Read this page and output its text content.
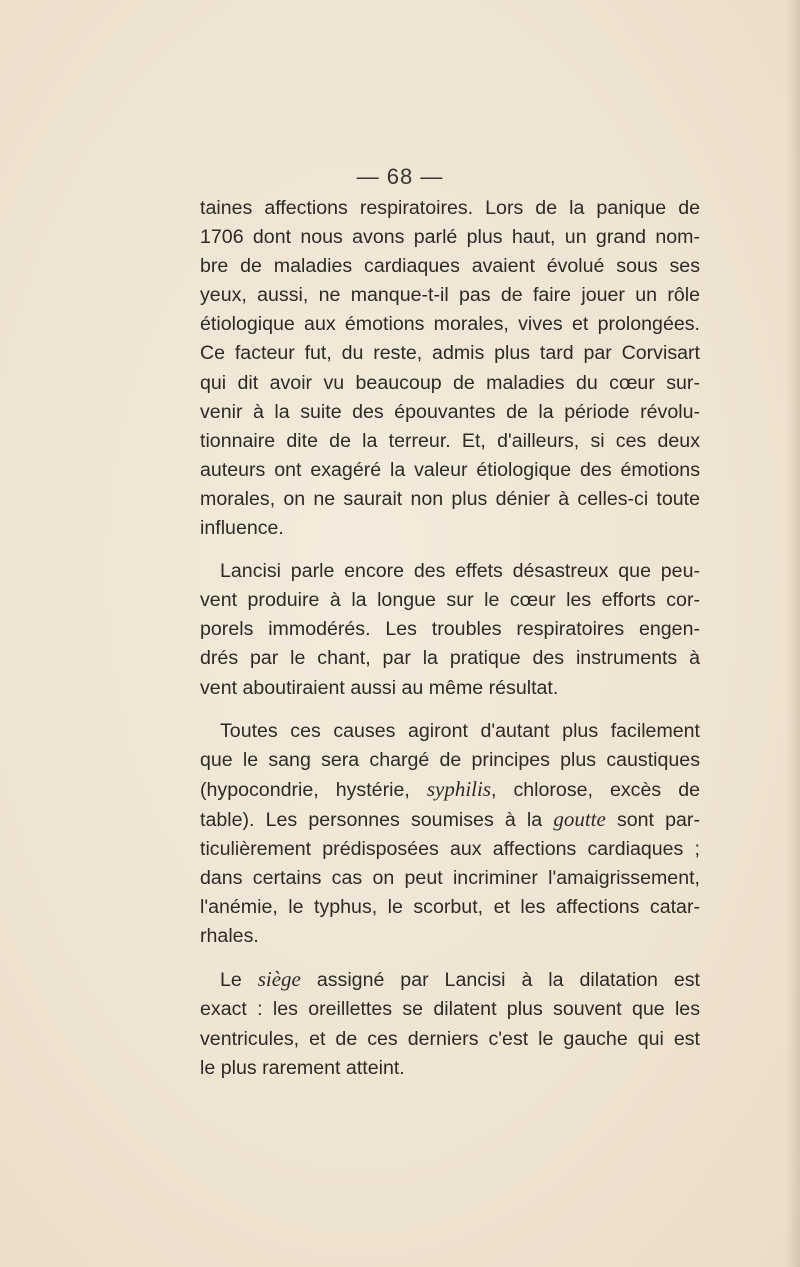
— 68 —

taines affections respiratoires. Lors de la panique de
1706 dont nous avons parlé plus haut, un grand nom-
bre de maladies cardiaques avaient évolué sous ses
yeux, aussi, ne manque-t-il pas de faire jouer un rôle
étiologique aux émotions morales, vives et prolongées.
Ce facteur fut, du reste, admis plus tard par Corvisart
qui dit avoir vu beaucoup de maladies du cœur sur-
venir à la suite des épouvantes de la période révolu-
tionnaire dite de la terreur. Et, d'ailleurs, si ces deux
auteurs ont exagéré la valeur étiologique des émotions
morales, on ne saurait non plus dénier à celles-ci toute
influence.

Lancisi parle encore des effets désastreux que peu-
vent produire à la longue sur le cœur les efforts cor-
porels immodérés. Les troubles respiratoires engen-
drés par le chant, par la pratique des instruments à
vent aboutiraient aussi au même résultat.

Toutes ces causes agiront d'autant plus facilement
que le sang sera chargé de principes plus caustiques
(hypocondrie, hystérie, syphilis, chlorose, excès de
table). Les personnes soumises à la goutte sont par-
ticulièrement prédisposées aux affections cardiaques ;
dans certains cas on peut incriminer l'amaigrissement,
l'anémie, le typhus, le scorbut, et les affections catar-
rhales.

Le siège assigné par Lancisi à la dilatation est
exact : les oreillettes se dilatent plus souvent que les
ventricules, et de ces derniers c'est le gauche qui est
le plus rarement atteint.
